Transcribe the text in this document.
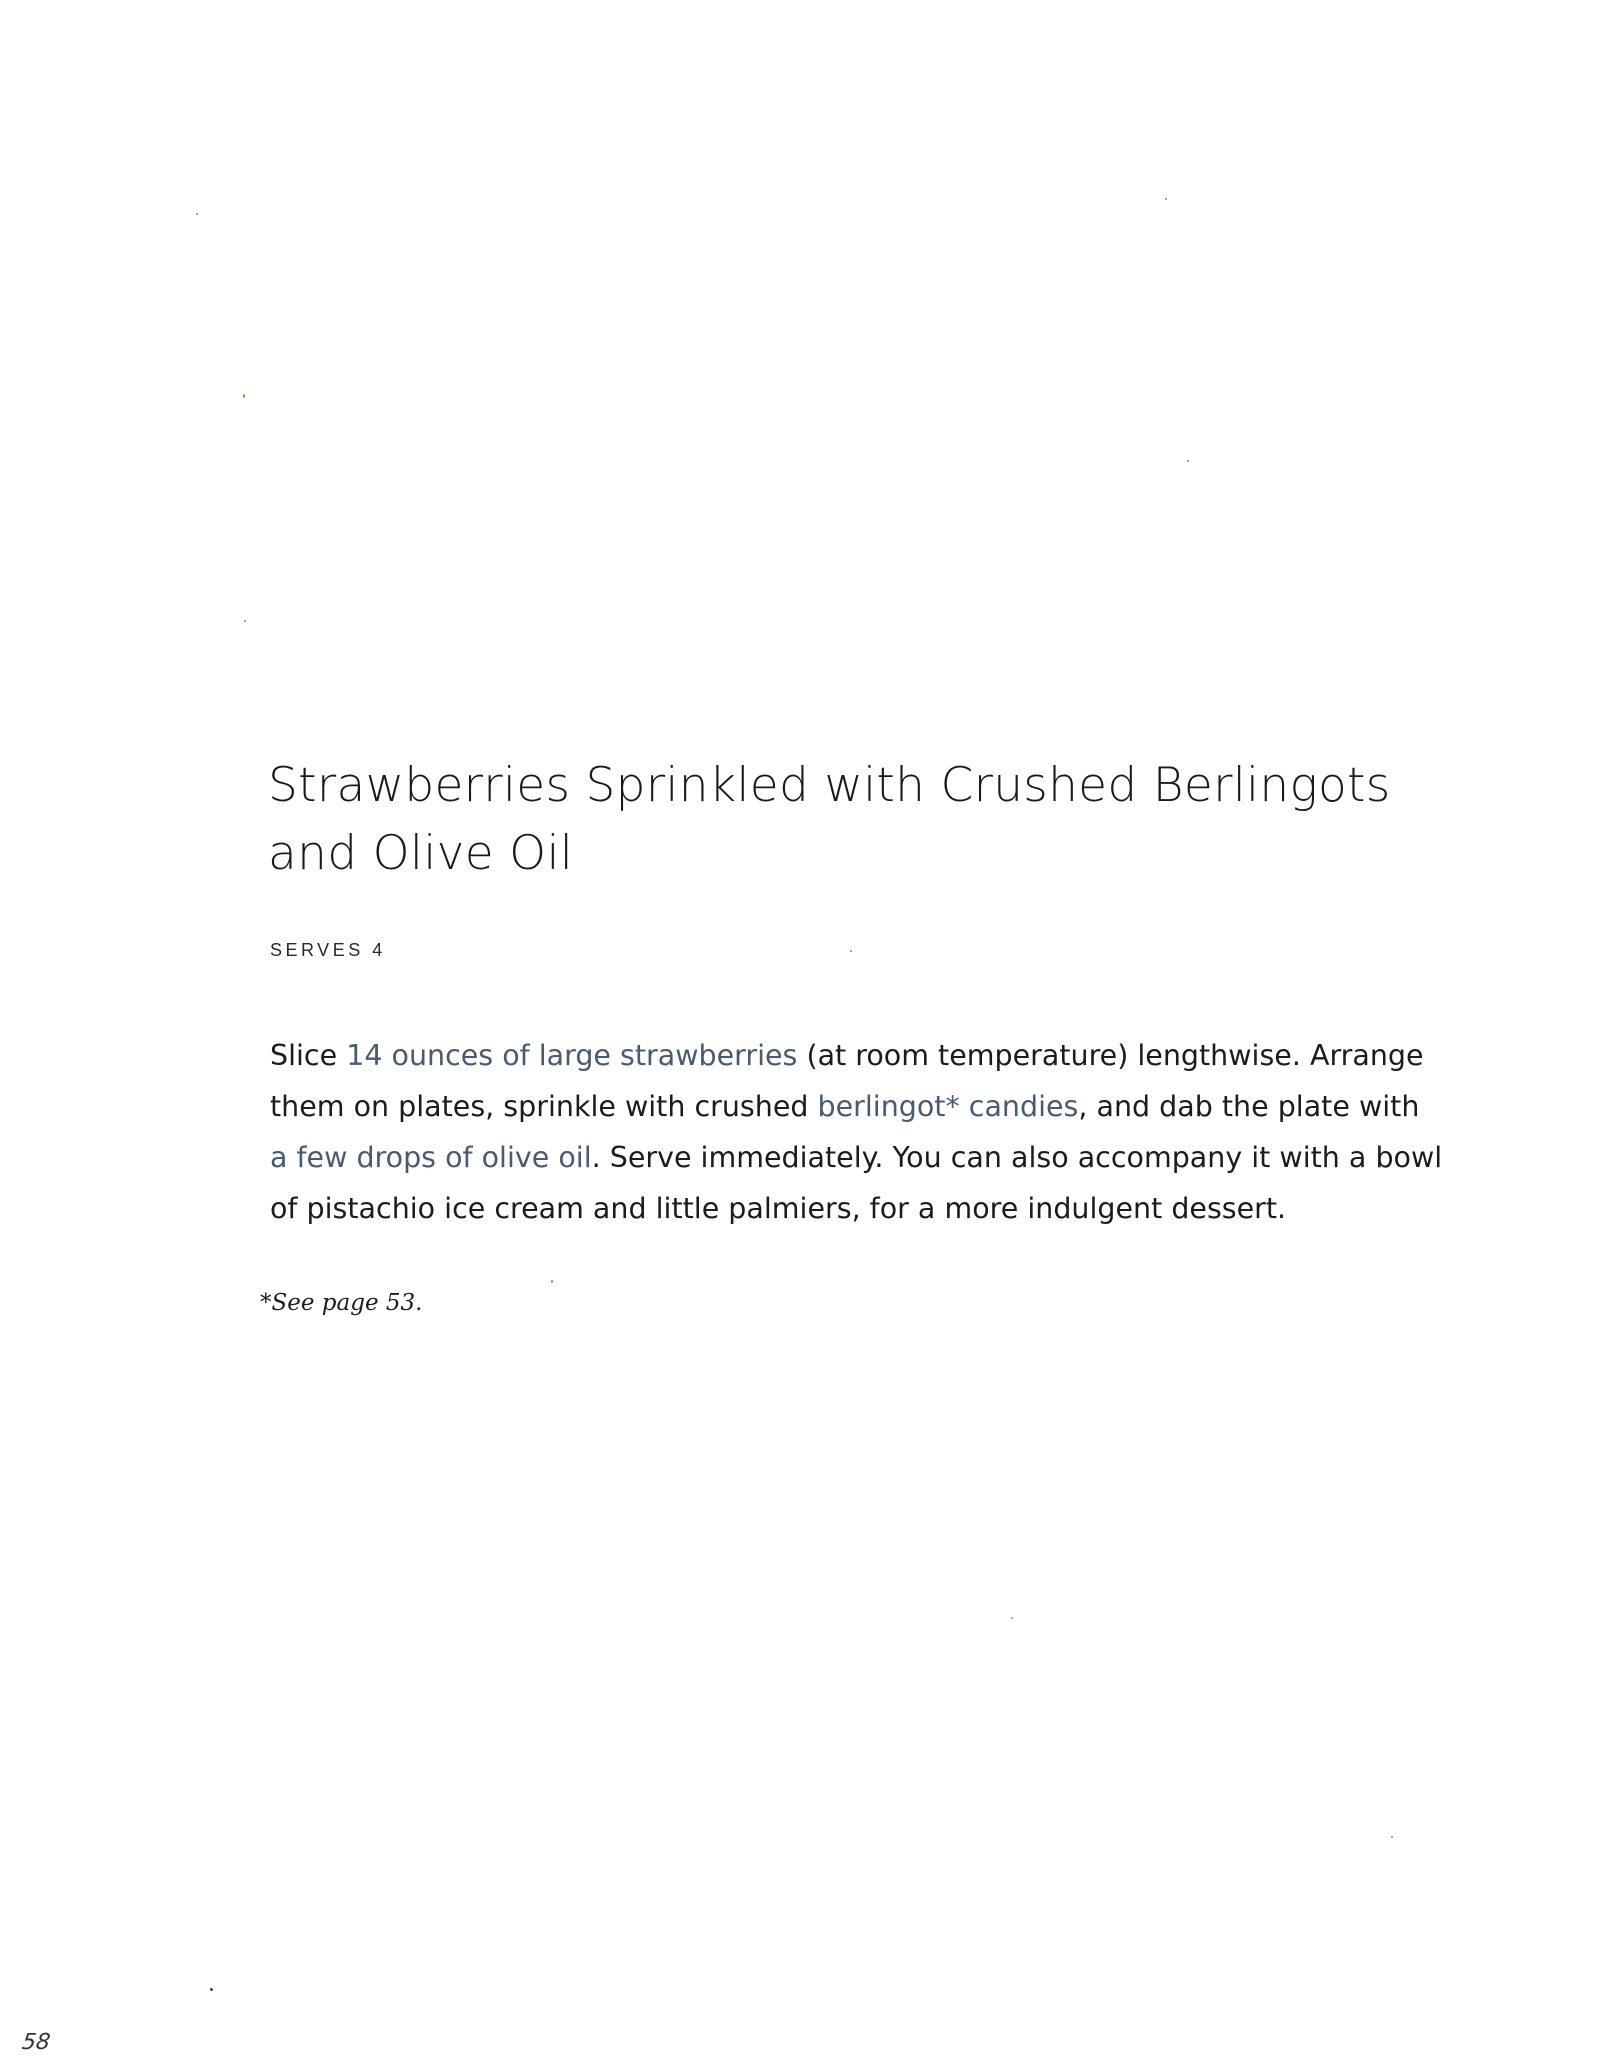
Strawberries Sprinkled with Crushed Berlingots
and Olive Oil

SERVES 4

Slice 14 ounces of large strawberries (at room temperature) lengthwise. Arrange
them on plates, sprinkle with crushed berlingot* candies, and dab the plate with
a few drops of olive oil. Serve immediately. You can also accompany it with a bowl
of pistachio ice cream and little palmiers, for a more indulgent dessert.

*See page 53.

58
